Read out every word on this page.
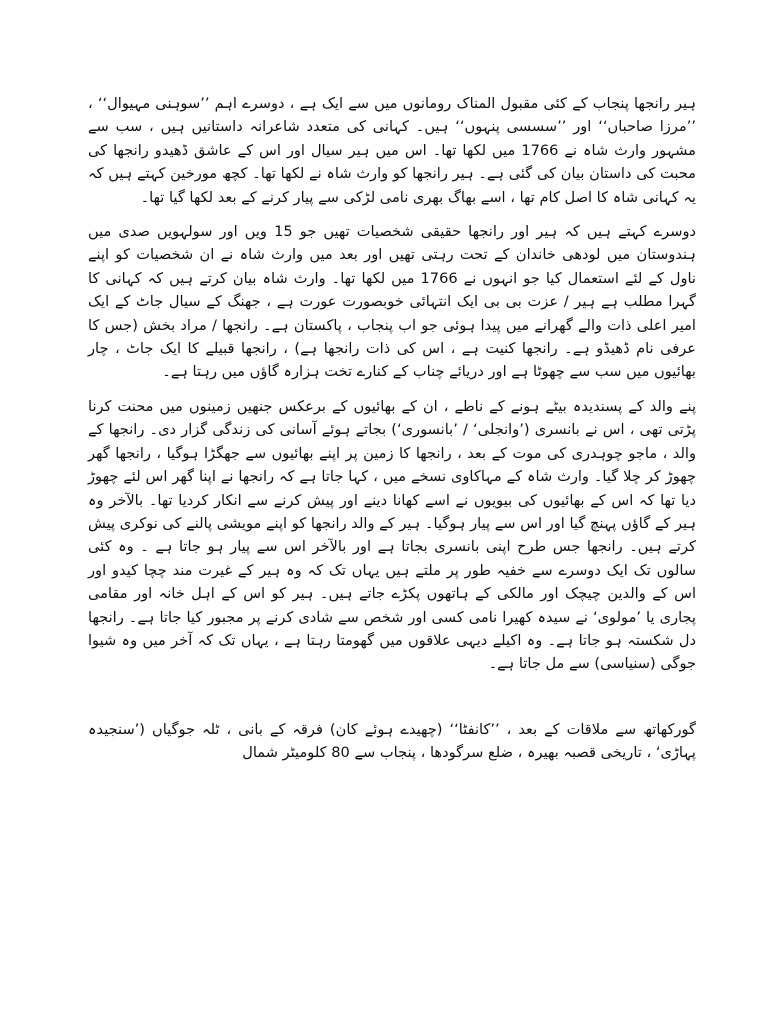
ہیر رانجھا پنجاب کے کئی مقبول المناک رومانوں میں سے ایک ہے ، دوسرے اہم ’’سوہنی مہیوال‘‘ ، ’’مرزا صاحباں‘‘ اور ’’سسسی پنہوں‘‘ ہیں۔ کہانی کی متعدد شاعرانہ داستانیں ہیں ، سب سے مشہور وارث شاہ نے 1766 میں لکھا تھا۔ اس میں ہیر سیال اور اس کے عاشق ڈھیدو رانجھا کی محبت کی داستان بیان کی گئی ہے۔ ہیر رانجھا کو وارث شاہ نے لکھا تھا۔ کچھ مورخین کہتے ہیں کہ یہ کہانی شاہ کا اصل کام تھا ، اسے بھاگ بھری نامی لڑکی سے پیار کرنے کے بعد لکھا گیا تھا۔

دوسرے کہتے ہیں کہ ہیر اور رانجھا حقیقی شخصیات تھیں جو 15 ویں اور سولہویں صدی میں ہندوستان میں لودھی خاندان کے تحت رہتی تھیں اور بعد میں وارث شاہ نے ان شخصیات کو اپنے ناول کے لئے استعمال کیا جو انہوں نے 1766 میں لکھا تھا۔ وارث شاہ بیان کرتے ہیں کہ کہانی کا گہرا مطلب ہے ہیر / عزت بی بی ایک انتہائی خوبصورت عورت ہے ، جھنگ کے سیال جاٹ کے ایک امیر اعلی ذات والے گھرانے میں پیدا ہوئی جو اب پنجاب ، پاکستان ہے۔ رانجھا / مراد بخش (جس کا عرفی نام ڈھیڈو ہے۔ رانجھا کنیت ہے ، اس کی ذات رانجھا ہے) ، رانجھا قبیلے کا ایک جاٹ ، چار بھائیوں میں سب سے چھوٹا ہے اور دریائے چناب کے کنارے تخت ہزارہ گاؤں میں رہتا ہے۔

پنے والد کے پسندیدہ بیٹے ہونے کے ناطے ، ان کے بھائیوں کے برعکس جنھیں زمینوں میں محنت کرنا پڑتی تھی ، اس نے بانسری (’وانجلی‘ / ’بانسوری‘) بجاتے ہوئے آسانی کی زندگی گزار دی۔ رانجھا کے والد ، ماجو چوہدری کی موت کے بعد ، رانجھا کا زمین پر اپنے بھائیوں سے جھگڑا ہوگیا ، رانجھا گھر چھوڑ کر چلا گیا۔ وارث شاہ کے مہاکاوی نسخے میں ، کہا جاتا ہے کہ رانجھا نے اپنا گھر اس لئے چھوڑ دیا تھا کہ اس کے بھائیوں کی بیویوں نے اسے کھانا دینے اور پیش کرنے سے انکار کردیا تھا۔ بالآخر وہ ہیر کے گاؤں پہنچ گیا اور اس سے پیار ہوگیا۔ ہیر کے والد رانجھا کو اپنے مویشی پالنے کی نوکری پیش کرتے ہیں۔ رانجھا جس طرح اپنی بانسری بجاتا ہے اور بالآخر اس سے پیار ہو جاتا ہے ۔ وہ کئی سالوں تک ایک دوسرے سے خفیہ طور پر ملتے ہیں یہاں تک کہ وہ ہیر کے غیرت مند چچا کیدو اور اس کے والدین چیچک اور مالکی کے ہاتھوں پکڑے جاتے ہیں۔ ہیر کو اس کے اہل خانہ اور مقامی پجاری یا ’مولوی‘ نے سیدہ کھیرا نامی کسی اور شخص سے شادی کرنے پر مجبور کیا جاتا ہے۔ رانجھا دل شکستہ ہو جاتا ہے۔ وہ اکیلے دیہی علاقوں میں گھومتا رہتا ہے ، یہاں تک کہ آخر میں وہ شیوا جوگی (سنیاسی) سے مل جاتا ہے۔

گورکھاتھ سے ملاقات کے بعد ، ’’کانفٹا‘‘ (چھیدے ہوئے کان) فرقہ کے بانی ، ٹلہ جوگیاں (’سنجیدہ پہاڑی‘ ، تاریخی قصبہ بھیرہ ، ضلع سرگودھا ، پنجاب سے 80 کلومیٹر شمال
